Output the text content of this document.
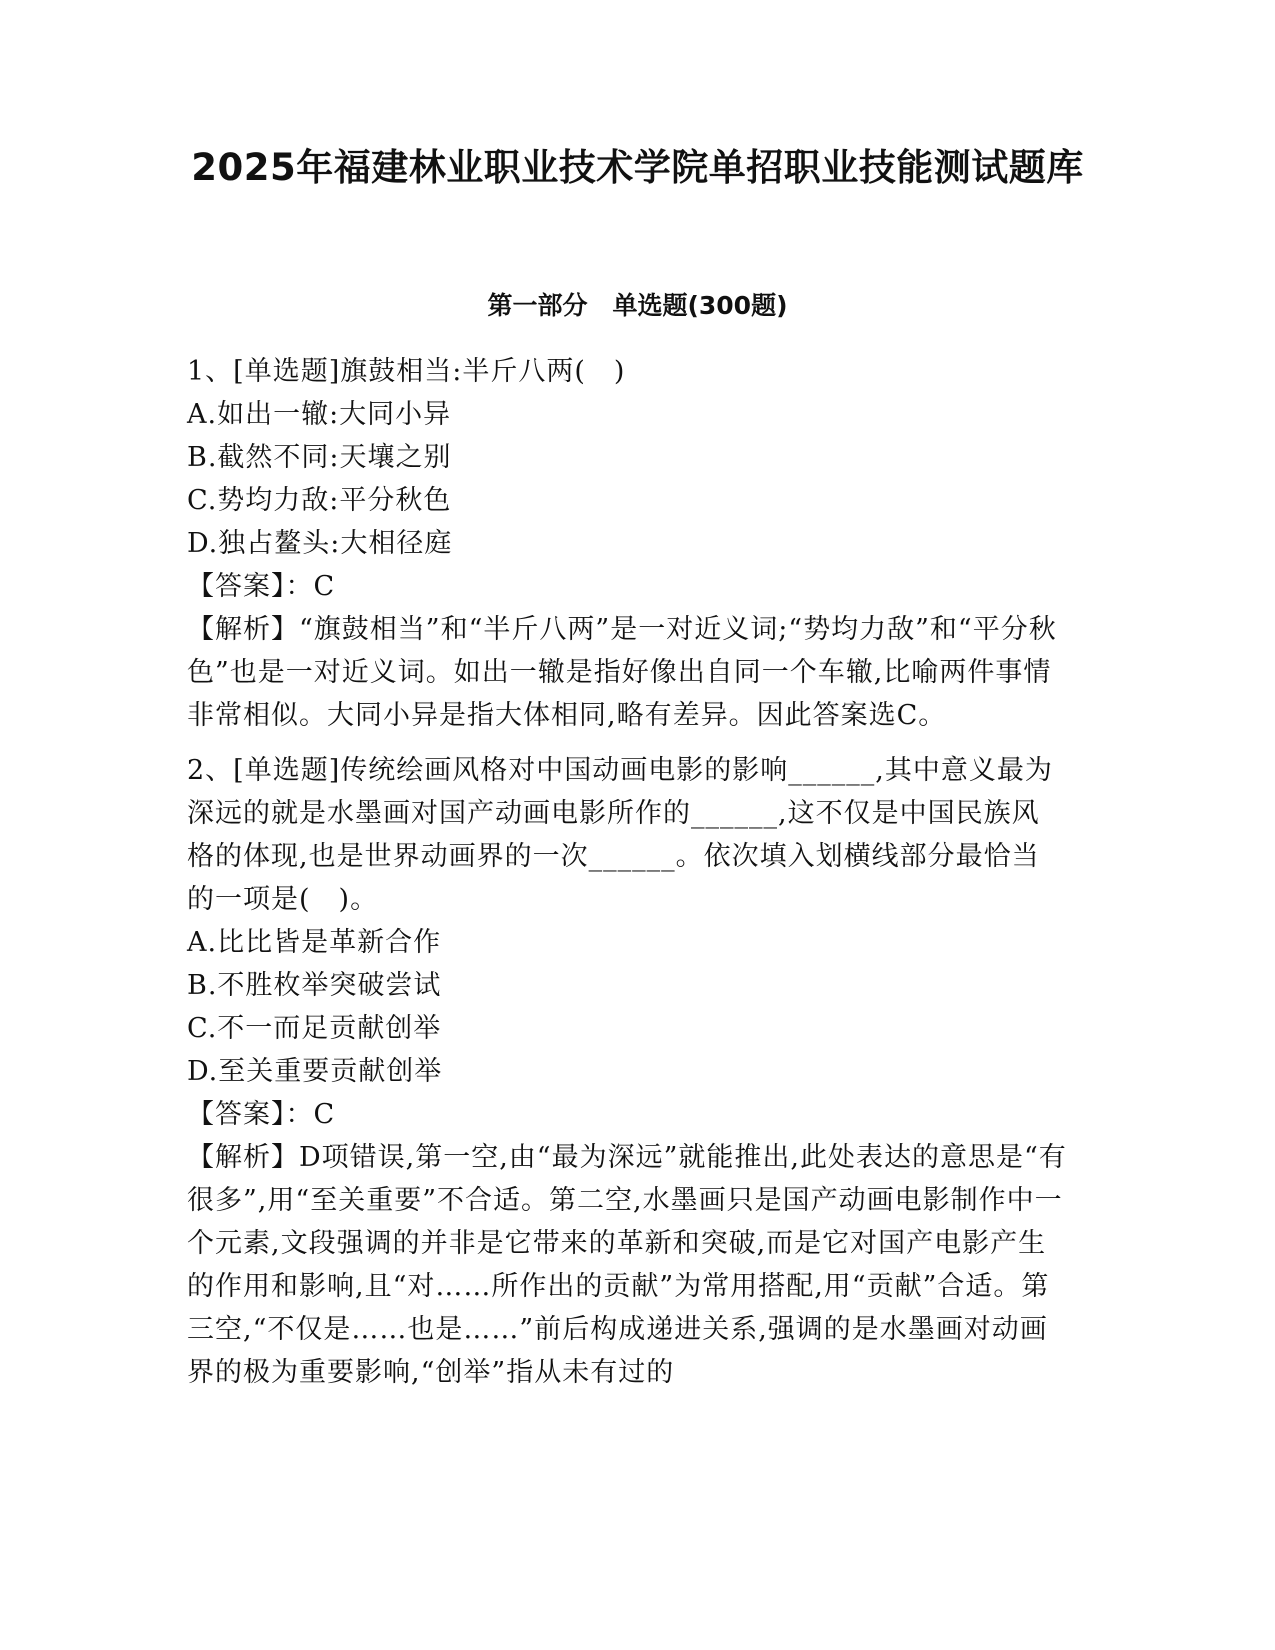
2025年福建林业职业技术学院单招职业技能测试题库
第一部分　单选题(300题)

1、[单选题]旗鼓相当:半斤八两(　)

A.如出一辙:大同小异

B.截然不同:天壤之别

C.势均力敌:平分秋色

D.独占鳌头:大相径庭

【答案】：C

【解析】“旗鼓相当”和“半斤八两”是一对近义词;“势均力敌”和“平分秋色”也是一对近义词。如出一辙是指好像出自同一个车辙,比喻两件事情非常相似。大同小异是指大体相同,略有差异。因此答案选C。

2、[单选题]传统绘画风格对中国动画电影的影响______,其中意义最为深远的就是水墨画对国产动画电影所作的______,这不仅是中国民族风格的体现,也是世界动画界的一次______。依次填入划横线部分最恰当的一项是(　)。

A.比比皆是革新合作

B.不胜枚举突破尝试

C.不一而足贡献创举

D.至关重要贡献创举

【答案】：C

【解析】D项错误,第一空,由“最为深远”就能推出,此处表达的意思是“有很多”,用“至关重要”不合适。第二空,水墨画只是国产动画电影制作中一个元素,文段强调的并非是它带来的革新和突破,而是它对国产电影产生的作用和影响,且“对……所作出的贡献”为常用搭配,用“贡献”合适。第三空,“不仅是……也是……”前后构成递进关系,强调的是水墨画对动画界的极为重要影响,“创举”指从未有过的
